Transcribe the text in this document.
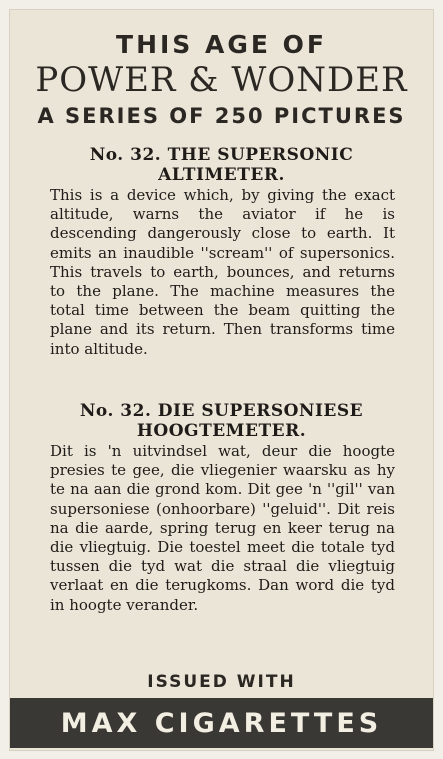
THIS AGE OF
POWER & WONDER
A SERIES OF 250 PICTURES
No. 32. THE SUPERSONIC
ALTIMETER.
This is a device which, by giving the exact altitude, warns the aviator if he is descending dangerously close to earth. It emits an inaudible ''scream'' of supersonics. This travels to earth, bounces, and returns to the plane. The machine measures the total time between the beam quitting the plane and its return. Then transforms time into altitude.
No. 32. DIE SUPERSONIESE
HOOGTEMETER.
Dit is 'n uitvindsel wat, deur die hoogte presies te gee, die vliegenier waarsku as hy te na aan die grond kom. Dit gee 'n ''gil'' van supersoniese (onhoorbare) ''geluid''. Dit reis na die aarde, spring terug en keer terug na die vliegtuig. Die toestel meet die totale tyd tussen die tyd wat die straal die vliegtuig verlaat en die terugkoms. Dan word die tyd in hoogte verander.
ISSUED WITH
MAX CIGARETTES
